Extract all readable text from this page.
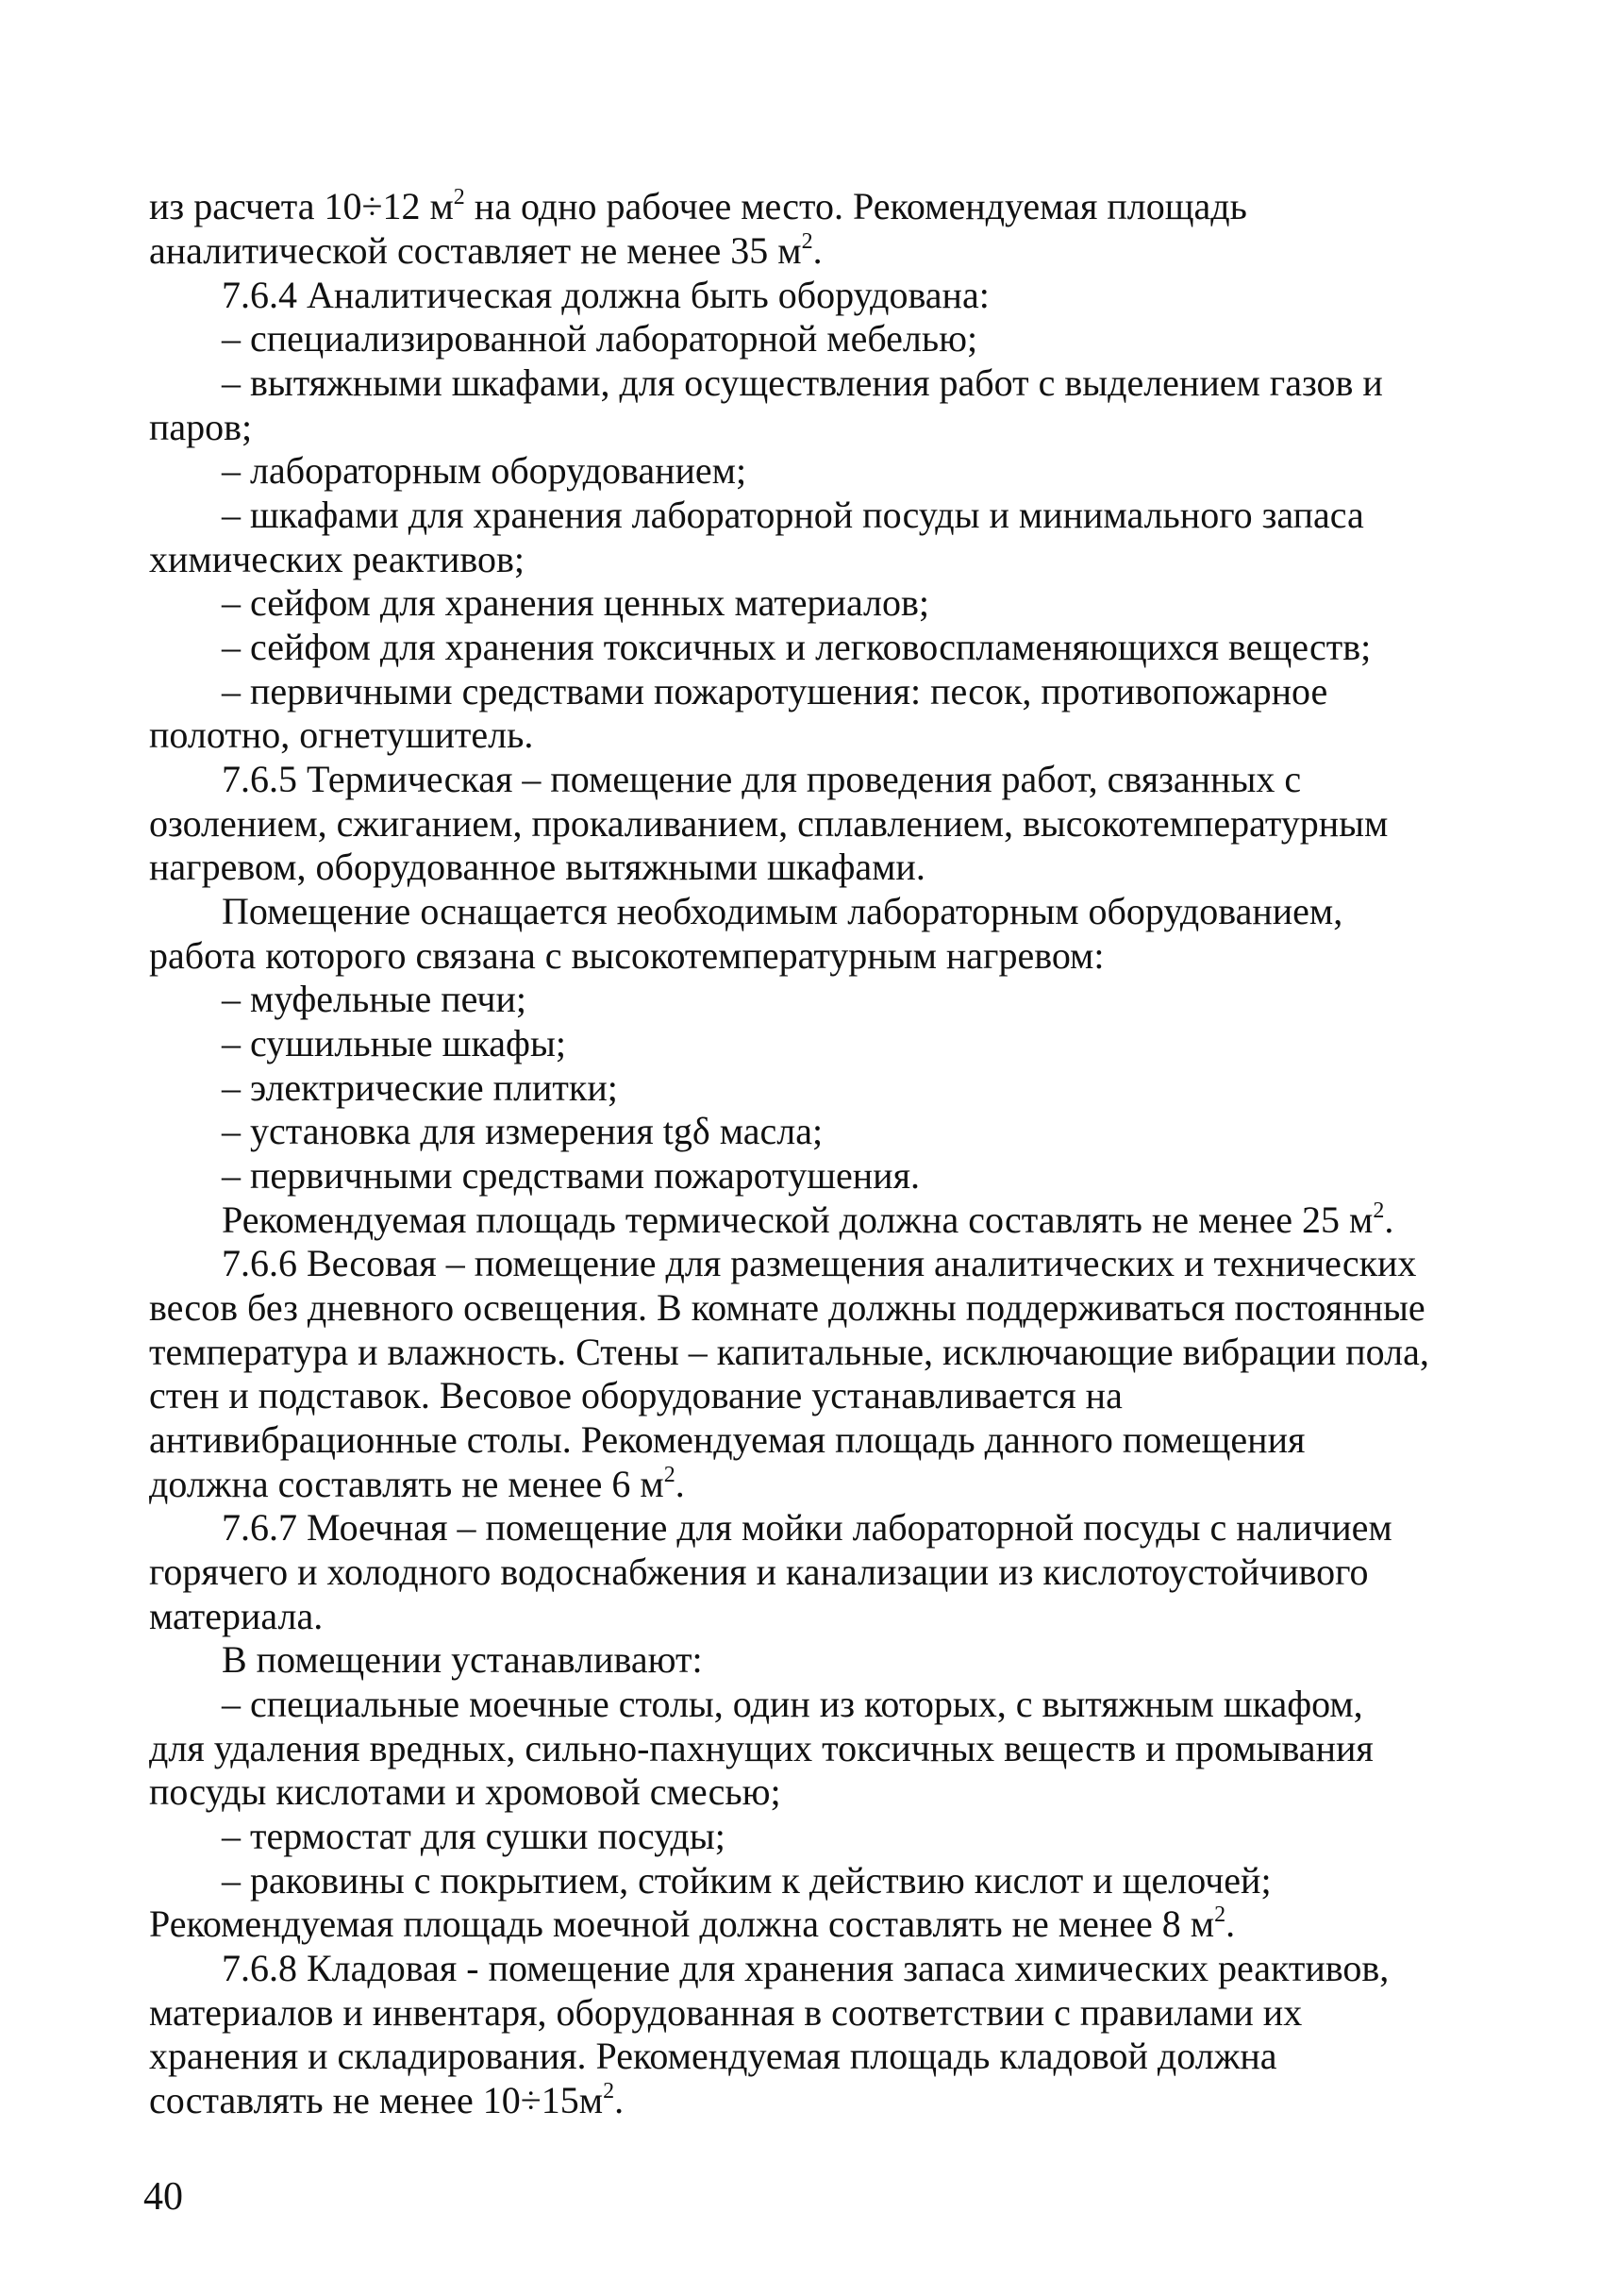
из расчета 10÷12 $м^2$ на одно рабочее место. Рекомендуемая площадь
аналитической составляет не менее 35 $м^2$.
7.6.4 Аналитическая должна быть оборудована:
– специализированной лабораторной мебелью;
– вытяжными шкафами, для осуществления работ с выделением газов и
паров;
– лабораторным оборудованием;
– шкафами для хранения лабораторной посуды и минимального запаса
химических реактивов;
– сейфом для хранения ценных материалов;
– сейфом для хранения токсичных и легковоспламеняющихся веществ;
– первичными средствами пожаротушения: песок, противопожарное
полотно, огнетушитель.
7.6.5 Термическая – помещение для проведения работ, связанных с
озолением, сжиганием, прокаливанием, сплавлением, высокотемпературным
нагревом, оборудованное вытяжными шкафами.
Помещение оснащается необходимым лабораторным оборудованием,
работа которого связана с высокотемпературным нагревом:
– муфельные печи;
– сушильные шкафы;
– электрические плитки;
– установка для измерения tgδ масла;
– первичными средствами пожаротушения.
Рекомендуемая площадь термической должна составлять не менее 25 $м^2$.
7.6.6 Весовая – помещение для размещения аналитических и технических
весов без дневного освещения. В комнате должны поддерживаться постоянные
температура и влажность. Стены – капитальные, исключающие вибрации пола,
стен и подставок. Весовое оборудование устанавливается на
антивибрационные столы. Рекомендуемая площадь данного помещения
должна составлять не менее 6 $м^2$.
7.6.7 Моечная – помещение для мойки лабораторной посуды с наличием
горячего и холодного водоснабжения и канализации из кислотоустойчивого
материала.
В помещении устанавливают:
– специальные моечные столы, один из которых, с вытяжным шкафом,
для удаления вредных, сильно-пахнущих токсичных веществ и промывания
посуды кислотами и хромовой смесью;
– термостат для сушки посуды;
– раковины с покрытием, стойким к действию кислот и щелочей;
Рекомендуемая площадь моечной должна составлять не менее 8 $м^2$.
7.6.8 Кладовая - помещение для хранения запаса химических реактивов,
материалов и инвентаря, оборудованная в соответствии с правилами их
хранения и складирования. Рекомендуемая площадь кладовой должна
составлять не менее $10\div 15м^2$.
40
